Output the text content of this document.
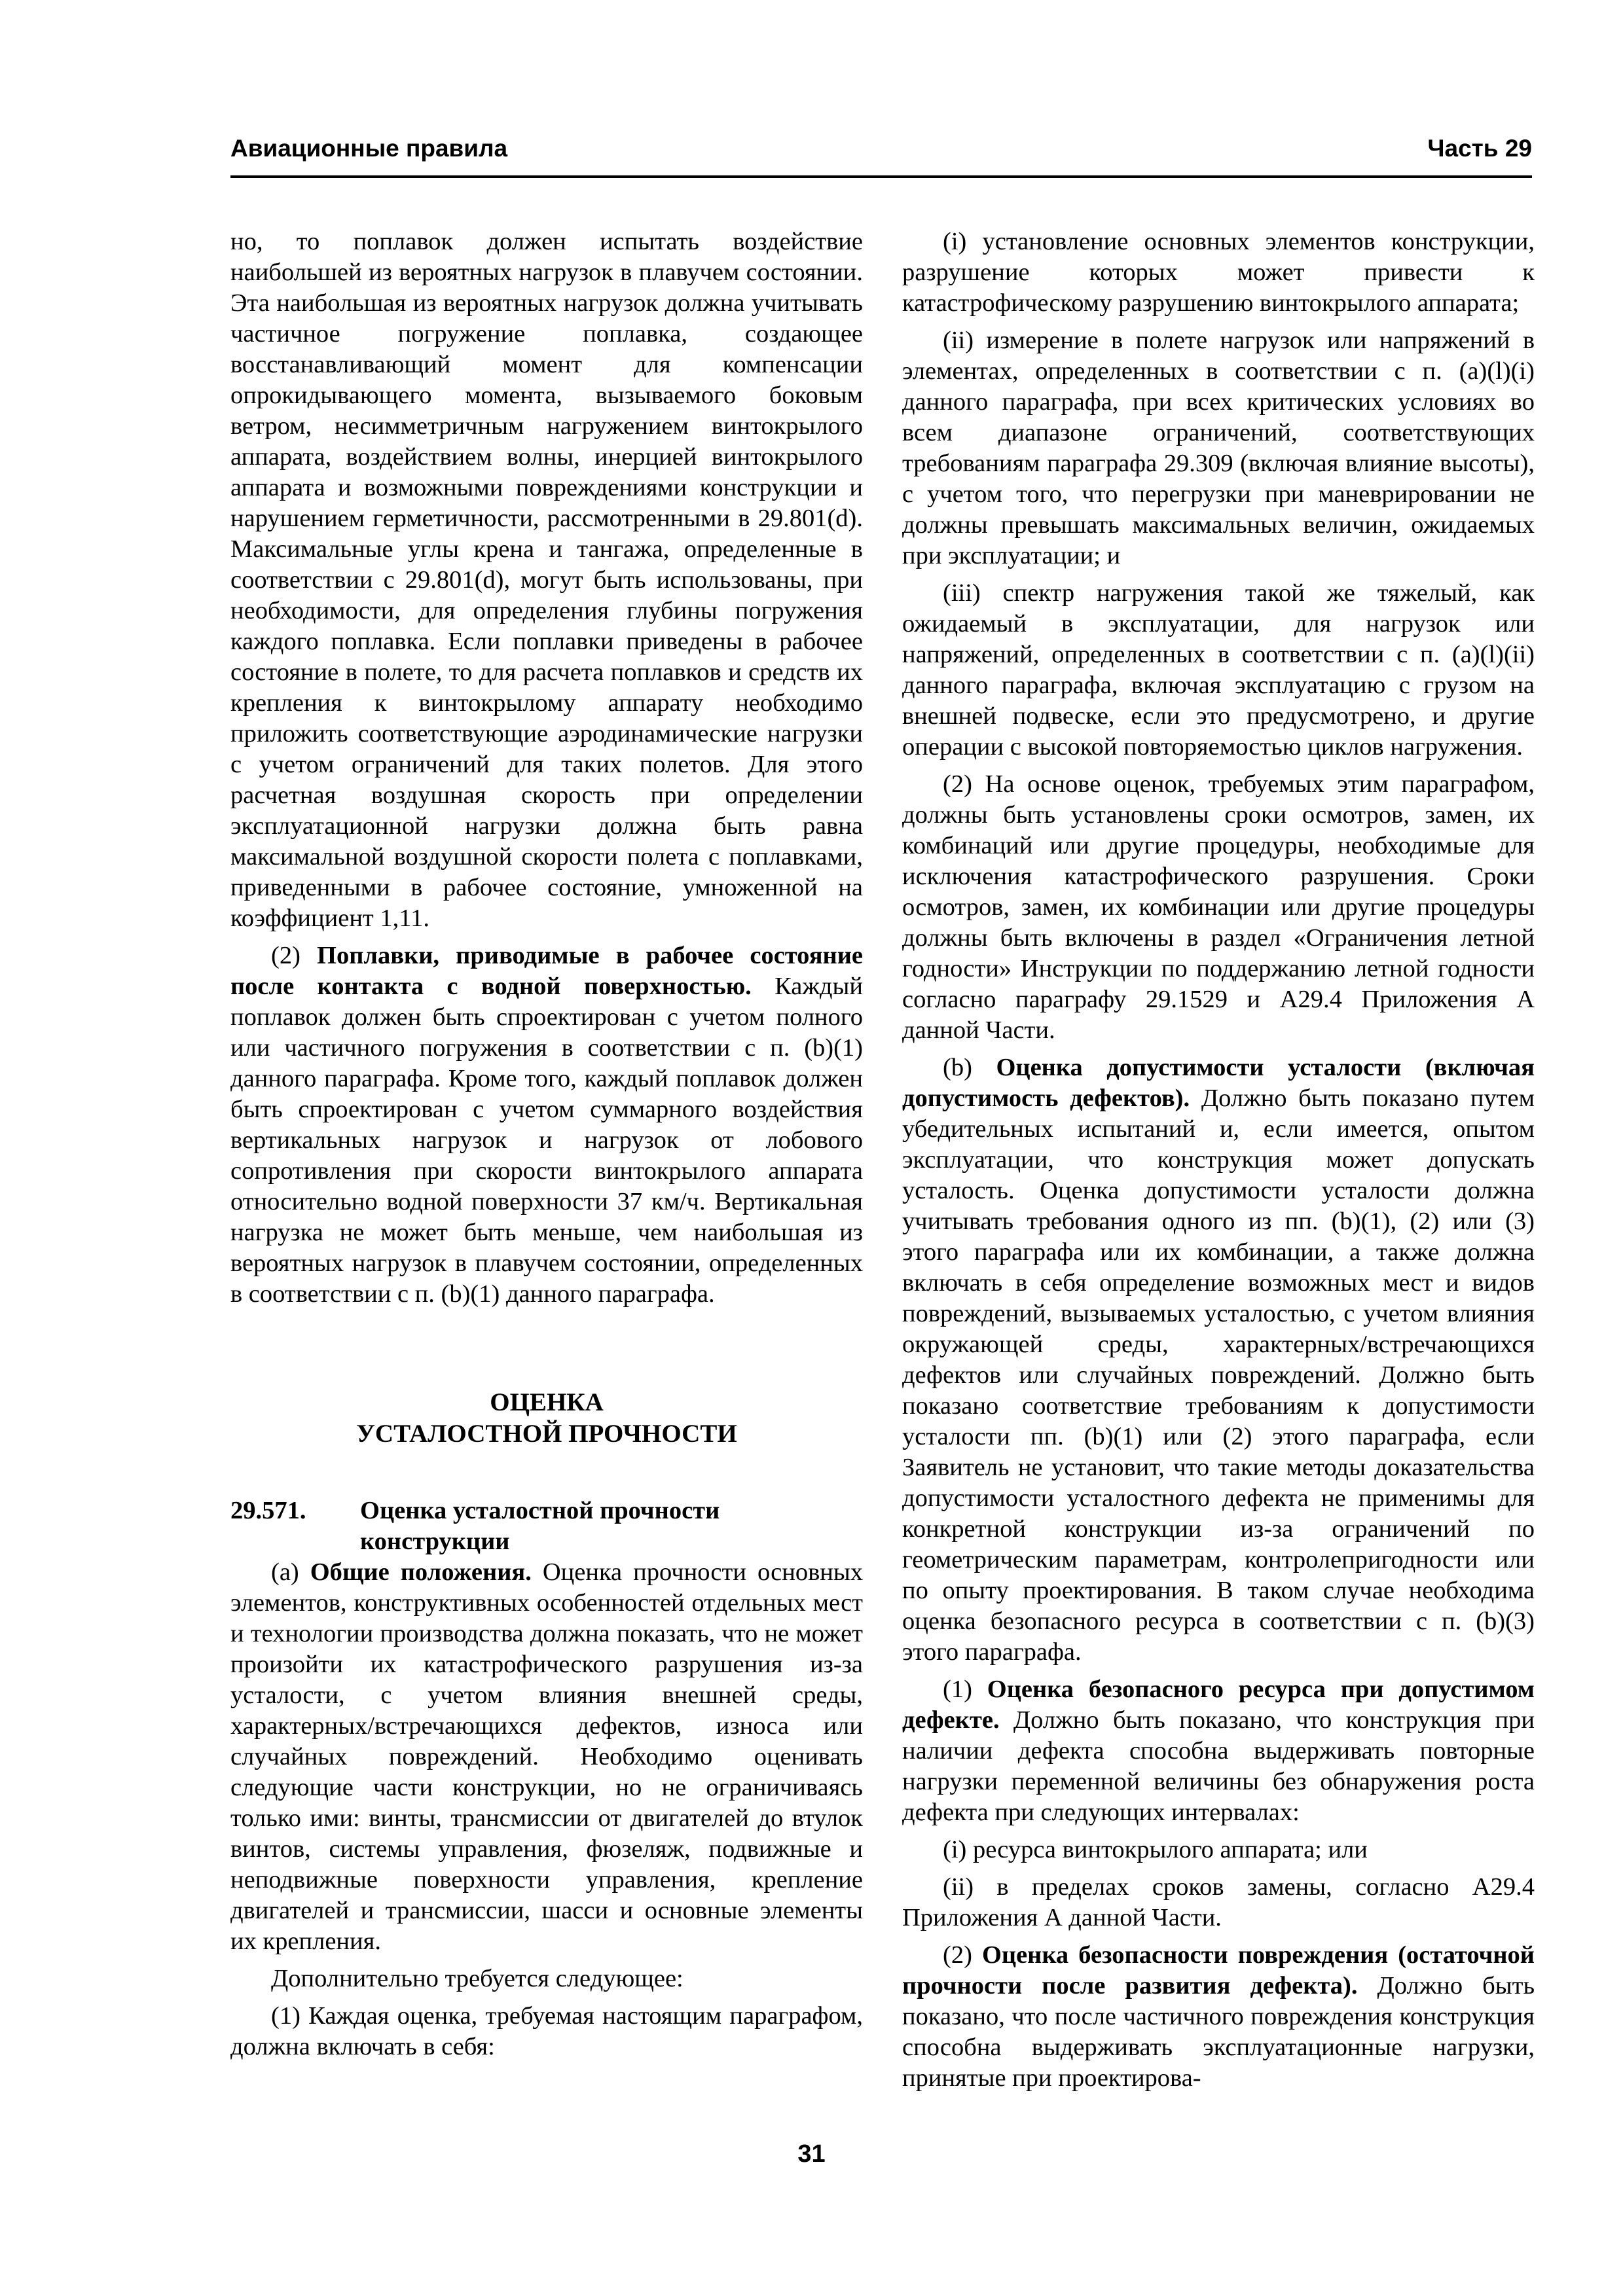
Авиационные правила	Часть 29

но, то поплавок должен испытать воздействие наибольшей из вероятных нагрузок в плавучем состоянии. Эта наибольшая из вероятных нагрузок должна учитывать частичное погружение поплавка, создающее восстанавливающий момент для компенсации опрокидывающего момента, вызываемого боковым ветром, несимметричным нагружением винтокрылого аппарата, воздействием волны, инерцией винтокрылого аппарата и возможными повреждениями конструкции и нарушением герметичности, рассмотренными в 29.801(d). Максимальные углы крена и тангажа, определенные в соответствии с 29.801(d), могут быть использованы, при необходимости, для определения глубины погружения каждого поплавка. Если поплавки приведены в рабочее состояние в полете, то для расчета поплавков и средств их крепления к винтокрылому аппарату необходимо приложить соответствующие аэродинамические нагрузки с учетом ограничений для таких полетов. Для этого расчетная воздушная скорость при определении эксплуатационной нагрузки должна быть равна максимальной воздушной скорости полета с поплавками, приведенными в рабочее состояние, умноженной на коэффициент 1,11.

(2) Поплавки, приводимые в рабочее состояние после контакта с водной поверхностью. Каждый поплавок должен быть спроектирован с учетом полного или частичного погружения в соответствии с п. (b)(1) данного параграфа. Кроме того, каждый поплавок должен быть спроектирован с учетом суммарного воздействия вертикальных нагрузок и нагрузок от лобового сопротивления при скорости винтокрылого аппарата относительно водной поверхности 37 км/ч. Вертикальная нагрузка не может быть меньше, чем наибольшая из вероятных нагрузок в плавучем состоянии, определенных в соответствии с п. (b)(1) данного параграфа.

ОЦЕНКА
УСТАЛОСТНОЙ ПРОЧНОСТИ
29.571.	Оценка усталостной прочности конструкции

(а) Общие положения. Оценка прочности основных элементов, конструктивных особенностей отдельных мест и технологии производства должна показать, что не может произойти их катастрофического разрушения из-за усталости, с учетом влияния внешней среды, характерных/встречающихся дефектов, износа или случайных повреждений. Необходимо оценивать следующие части конструкции, но не ограничиваясь только ими: винты, трансмиссии от двигателей до втулок винтов, системы управления, фюзеляж, подвижные и неподвижные поверхности управления, крепление двигателей и трансмиссии, шасси и основные элементы их крепления.

Дополнительно требуется следующее:

(1) Каждая оценка, требуемая настоящим параграфом, должна включать в себя:

(i) установление основных элементов конструкции, разрушение которых может привести к катастрофическому разрушению винтокрылого аппарата;

(ii) измерение в полете нагрузок или напряжений в элементах, определенных в соответствии с п. (а)(l)(i) данного параграфа, при всех критических условиях во всем диапазоне ограничений, соответствующих требованиям параграфа 29.309 (включая влияние высоты), с учетом того, что перегрузки при маневрировании не должны превышать максимальных величин, ожидаемых при эксплуатации; и

(iii) спектр нагружения такой же тяжелый, как ожидаемый в эксплуатации, для нагрузок или напряжений, определенных в соответствии с п. (а)(l)(ii) данного параграфа, включая эксплуатацию с грузом на внешней подвеске, если это предусмотрено, и другие операции с высокой повторяемостью циклов нагружения.

(2) На основе оценок, требуемых этим параграфом, должны быть установлены сроки осмотров, замен, их комбинаций или другие процедуры, необходимые для исключения катастрофического разрушения. Сроки осмотров, замен, их комбинации или другие процедуры должны быть включены в раздел «Ограничения летной годности» Инструкции по поддержанию летной годности согласно параграфу 29.1529 и А29.4 Приложения А данной Части.

(b) Оценка допустимости усталости (включая допустимость дефектов). Должно быть показано путем убедительных испытаний и, если имеется, опытом эксплуатации, что конструкция может допускать усталость. Оценка допустимости усталости должна учитывать требования одного из пп. (b)(1), (2) или (3) этого параграфа или их комбинации, а также должна включать в себя определение возможных мест и видов повреждений, вызываемых усталостью, с учетом влияния окружающей среды, характерных/встречающихся дефектов или случайных повреждений. Должно быть показано соответствие требованиям к допустимости усталости пп. (b)(1) или (2) этого параграфа, если Заявитель не установит, что такие методы доказательства допустимости усталостного дефекта не применимы для конкретной конструкции из-за ограничений по геометрическим параметрам, контролепригодности или по опыту проектирования. В таком случае необходима оценка безопасного ресурса в соответствии с п. (b)(3) этого параграфа.

(1) Оценка безопасного ресурса при допустимом дефекте. Должно быть показано, что конструкция при наличии дефекта способна выдерживать повторные нагрузки переменной величины без обнаружения роста дефекта при следующих интервалах:

(i) ресурса винтокрылого аппарата; или

(ii) в пределах сроков замены, согласно А29.4 Приложения А данной Части.

(2) Оценка безопасности повреждения (остаточной прочности после развития дефекта). Должно быть показано, что после частичного повреждения конструкция способна выдерживать эксплуатационные нагрузки, принятые при проектирова-

31
